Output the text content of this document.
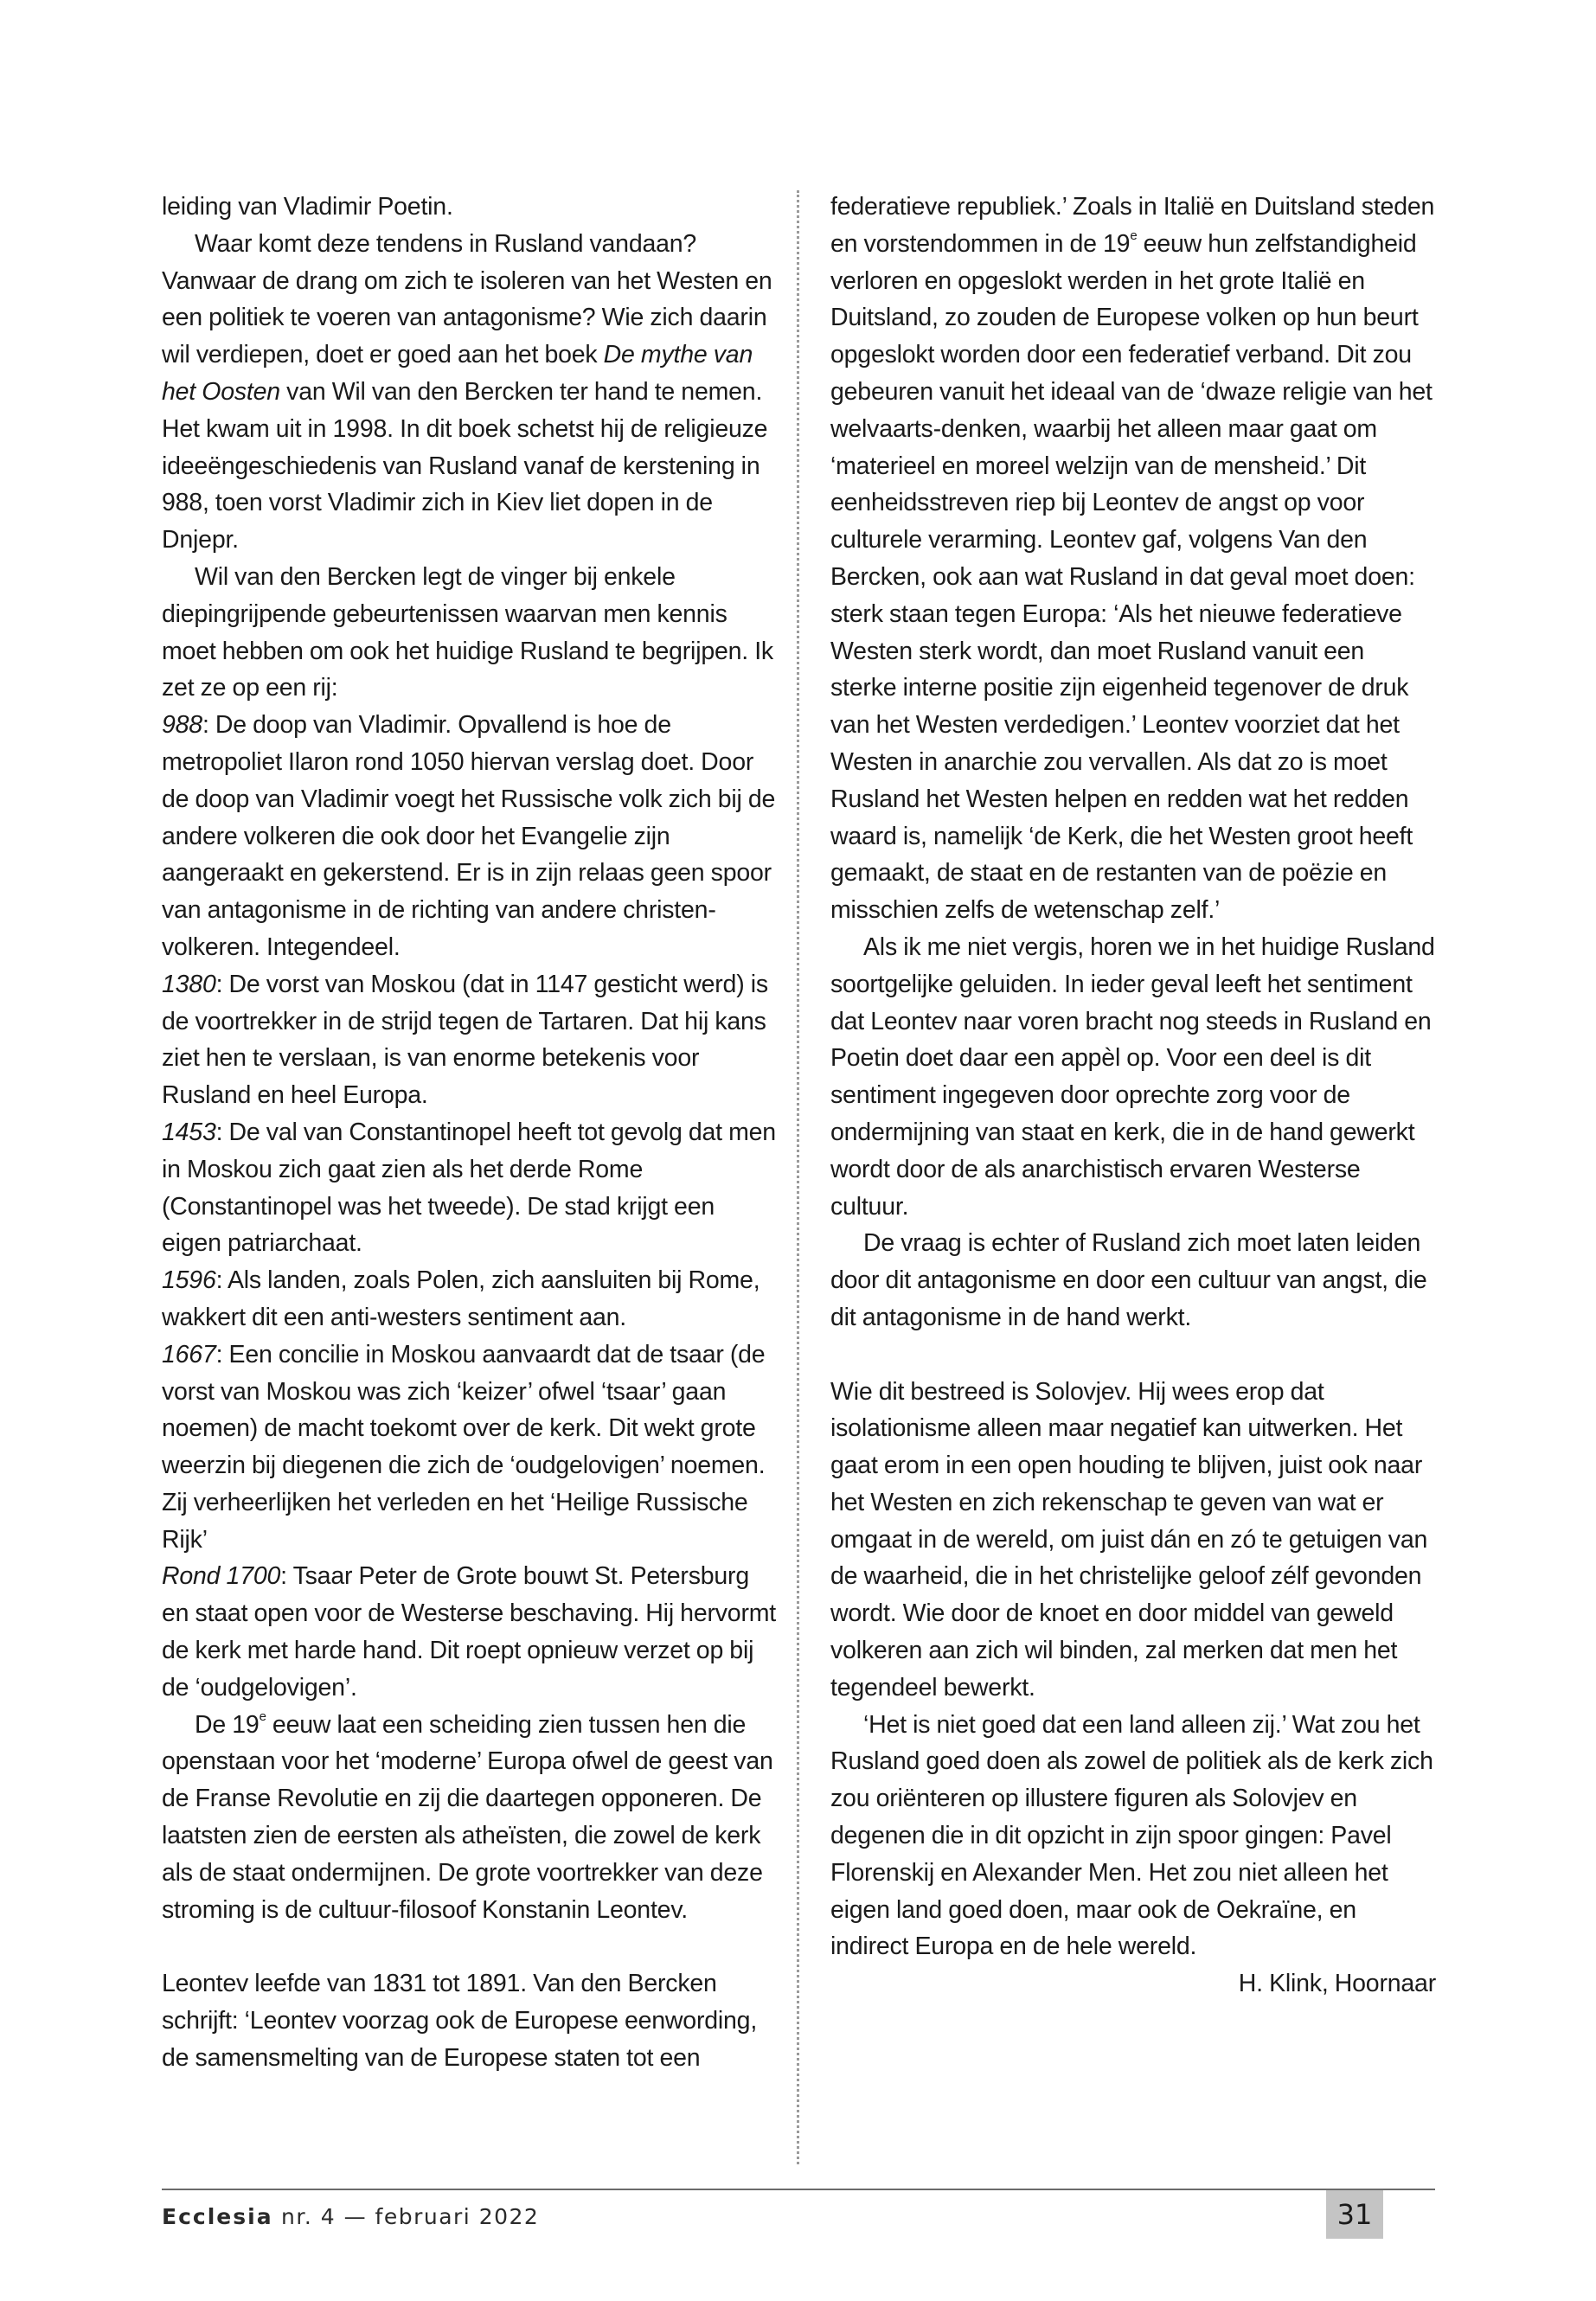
leiding van Vladimir Poetin.

Waar komt deze tendens in Rusland vandaan? Vanwaar de drang om zich te isoleren van het Westen en een politiek te voeren van antagonisme? Wie zich daarin wil verdiepen, doet er goed aan het boek De mythe van het Oosten van Wil van den Bercken ter hand te nemen. Het kwam uit in 1998. In dit boek schetst hij de religieuze ideeëngeschiedenis van Rusland vanaf de kerstening in 988, toen vorst Vladimir zich in Kiev liet dopen in de Dnjepr.

Wil van den Bercken legt de vinger bij enkele diepingrijpende gebeurtenissen waarvan men kennis moet hebben om ook het huidige Rusland te begrijpen. Ik zet ze op een rij:

988: De doop van Vladimir. Opvallend is hoe de metropoliet Ilaron rond 1050 hiervan verslag doet. Door de doop van Vladimir voegt het Russische volk zich bij de andere volkeren die ook door het Evangelie zijn aangeraakt en gekerstend. Er is in zijn relaas geen spoor van antagonisme in de richting van andere christen-volkeren. Integendeel.

1380: De vorst van Moskou (dat in 1147 gesticht werd) is de voortrekker in de strijd tegen de Tartaren. Dat hij kans ziet hen te verslaan, is van enorme betekenis voor Rusland en heel Europa.

1453: De val van Constantinopel heeft tot gevolg dat men in Moskou zich gaat zien als het derde Rome (Constantinopel was het tweede). De stad krijgt een eigen patriarchaat.

1596: Als landen, zoals Polen, zich aansluiten bij Rome, wakkert dit een anti-westers sentiment aan.

1667: Een concilie in Moskou aanvaardt dat de tsaar (de vorst van Moskou was zich ‘keizer’ ofwel ‘tsaar’ gaan noemen) de macht toekomt over de kerk. Dit wekt grote weerzin bij diegenen die zich de ‘oudgelovigen’ noemen. Zij verheerlijken het verleden en het ‘Heilige Russische Rijk’

Rond 1700: Tsaar Peter de Grote bouwt St. Petersburg en staat open voor de Westerse beschaving. Hij hervormt de kerk met harde hand. Dit roept opnieuw verzet op bij de ‘oudgelovigen’.

De 19e eeuw laat een scheiding zien tussen hen die openstaan voor het ‘moderne’ Europa ofwel de geest van de Franse Revolutie en zij die daartegen opponeren. De laatsten zien de eersten als atheïsten, die zowel de kerk als de staat ondermijnen. De grote voortrekker van deze stroming is de cultuur-filosoof Konstanin Leontev.

Leontev leefde van 1831 tot 1891. Van den Bercken schrijft: ‘Leontev voorzag ook de Europese eenwording, de samensmelting van de Europese staten tot een

federatieve republiek.’ Zoals in Italië en Duitsland steden en vorstendommen in de 19e eeuw hun zelfstandigheid verloren en opgeslokt werden in het grote Italië en Duitsland, zo zouden de Europese volken op hun beurt opgeslokt worden door een federatief verband. Dit zou gebeuren vanuit het ideaal van de ‘dwaze religie van het welvaarts-denken, waarbij het alleen maar gaat om ‘materieel en moreel welzijn van de mensheid.’ Dit eenheidsstreven riep bij Leontev de angst op voor culturele verarming. Leontev gaf, volgens Van den Bercken, ook aan wat Rusland in dat geval moet doen: sterk staan tegen Europa: ‘Als het nieuwe federatieve Westen sterk wordt, dan moet Rusland vanuit een sterke interne positie zijn eigenheid tegenover de druk van het Westen verdedigen.’ Leontev voorziet dat het Westen in anarchie zou vervallen. Als dat zo is moet Rusland het Westen helpen en redden wat het redden waard is, namelijk ‘de Kerk, die het Westen groot heeft gemaakt, de staat en de restanten van de poëzie en misschien zelfs de wetenschap zelf.’

Als ik me niet vergis, horen we in het huidige Rusland soortgelijke geluiden. In ieder geval leeft het sentiment dat Leontev naar voren bracht nog steeds in Rusland en Poetin doet daar een appèl op. Voor een deel is dit sentiment ingegeven door oprechte zorg voor de ondermijning van staat en kerk, die in de hand gewerkt wordt door de als anarchistisch ervaren Westerse cultuur.

De vraag is echter of Rusland zich moet laten leiden door dit antagonisme en door een cultuur van angst, die dit antagonisme in de hand werkt.

Wie dit bestreed is Solovjev. Hij wees erop dat isolationisme alleen maar negatief kan uitwerken. Het gaat erom in een open houding te blijven, juist ook naar het Westen en zich rekenschap te geven van wat er omgaat in de wereld, om juist dán en zó te getuigen van de waarheid, die in het christelijke geloof zélf gevonden wordt. Wie door de knoet en door middel van geweld volkeren aan zich wil binden, zal merken dat men het tegendeel bewerkt.

‘Het is niet goed dat een land alleen zij.’ Wat zou het Rusland goed doen als zowel de politiek als de kerk zich zou oriënteren op illustere figuren als Solovjev en degenen die in dit opzicht in zijn spoor gingen: Pavel Florenskij en Alexander Men. Het zou niet alleen het eigen land goed doen, maar ook de Oekraïne, en indirect Europa en de hele wereld.

H. Klink, Hoornaar

Ecclesia nr. 4 — februari 2022	31
